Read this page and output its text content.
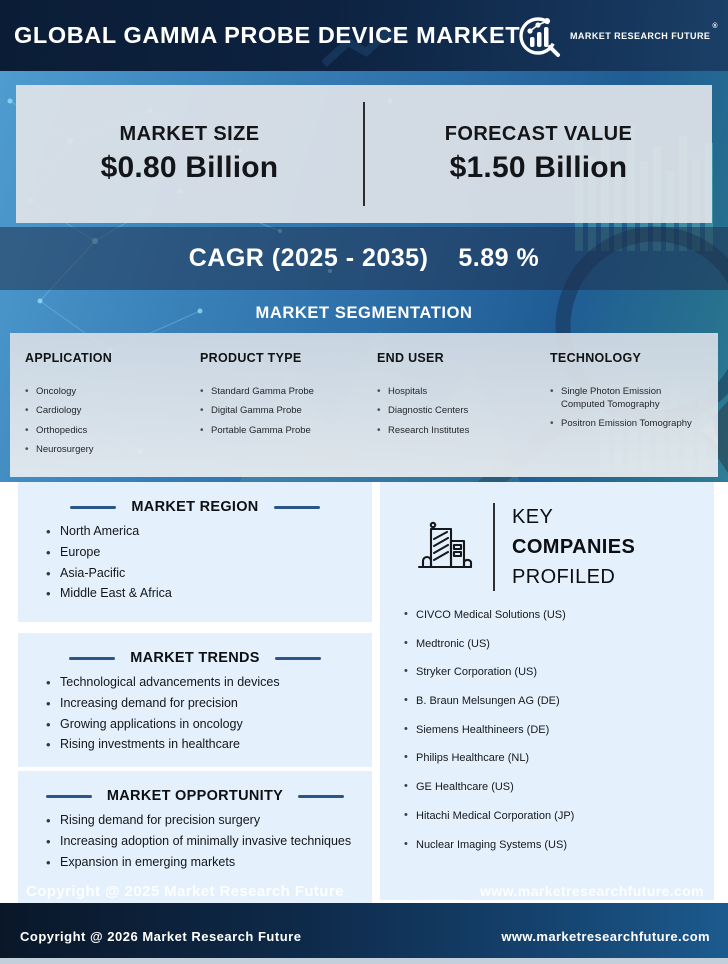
GLOBAL GAMMA PROBE DEVICE MARKET	MARKET RESEARCH FUTURE®
MARKET SIZE
$0.80 Billion
FORECAST VALUE
$1.50 Billion
CAGR (2025 - 2035) 5.89 %
MARKET SEGMENTATION
APPLICATION
• Oncology
• Cardiology
• Orthopedics
• Neurosurgery
PRODUCT TYPE
• Standard Gamma Probe
• Digital Gamma Probe
• Portable Gamma Probe
END USER
• Hospitals
• Diagnostic Centers
• Research Institutes
TECHNOLOGY
• Single Photon Emission Computed Tomography
• Positron Emission Tomography
MARKET REGION
• North America
• Europe
• Asia-Pacific
• Middle East & Africa
MARKET TRENDS
• Technological advancements in devices
• Increasing demand for precision
• Growing applications in oncology
• Rising investments in healthcare
MARKET OPPORTUNITY
• Rising demand for precision surgery
• Increasing adoption of minimally invasive techniques
• Expansion in emerging markets
KEY
COMPANIES
PROFILED
• CIVCO Medical Solutions (US)
• Medtronic (US)
• Stryker Corporation (US)
• B. Braun Melsungen AG (DE)
• Siemens Healthineers (DE)
• Philips Healthcare (NL)
• GE Healthcare (US)
• Hitachi Medical Corporation (JP)
• Nuclear Imaging Systems (US)
Copyright @ 2025 Market Research Future	www.marketresearchfuture.com
Copyright @ 2026 Market Research Future	www.marketresearchfuture.com
